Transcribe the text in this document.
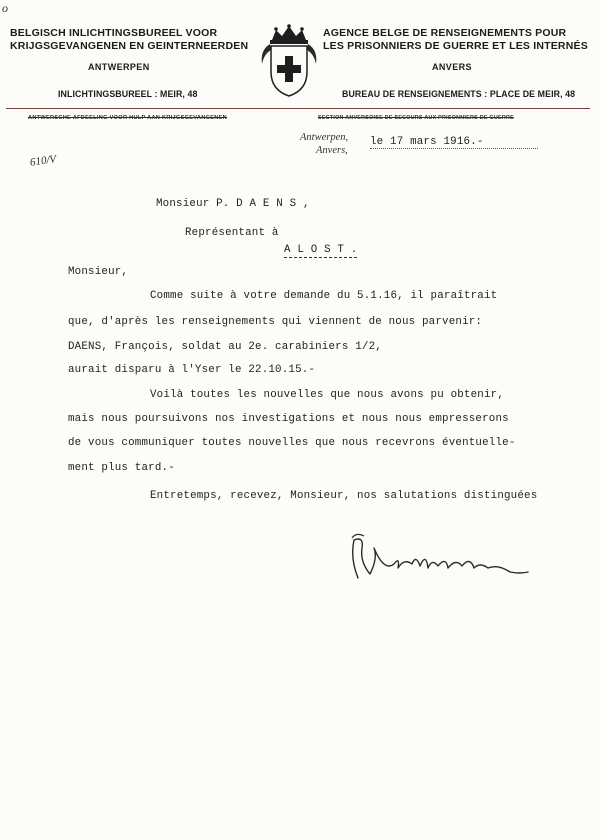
o
BELGISCH INLICHTINGSBUREEL VOOR
KRIJGSGEVANGENEN EN GEINTERNEERDEN
ANTWERPEN
INLICHTINGSBUREEL : MEIR, 48
ANTWERSCHE AFDEELING VOOR HULP AAN KRIJGSGEVANGENEN
AGENCE BELGE DE RENSEIGNEMENTS POUR
LES PRISONNIERS DE GUERRE ET LES INTERNÉS
ANVERS
BUREAU DE RENSEIGNEMENTS : PLACE DE MEIR, 48
SECTION ANVERSOISE DE SECOURS AUX PRISONNIERS DE GUERRE
610/V
Antwerpen,
Anvers,
le 17 mars 1916.-
Monsieur P. D A E N S ,
Représentant à
A L O S T .
Monsieur,
Comme suite à votre demande du 5.1.16, il paraîtrait
que, d'après les renseignements qui viennent de nous parvenir:
DAENS, François, soldat au 2e. carabiniers 1/2,
aurait disparu à l'Yser le 22.10.15.-
Voilà toutes les nouvelles que nous avons pu obtenir,
mais nous poursuivons nos investigations et nous nous empresserons
de vous communiquer toutes nouvelles que nous recevrons éventuelle-
ment plus tard.-
Entretemps, recevez, Monsieur, nos salutations distinguées
